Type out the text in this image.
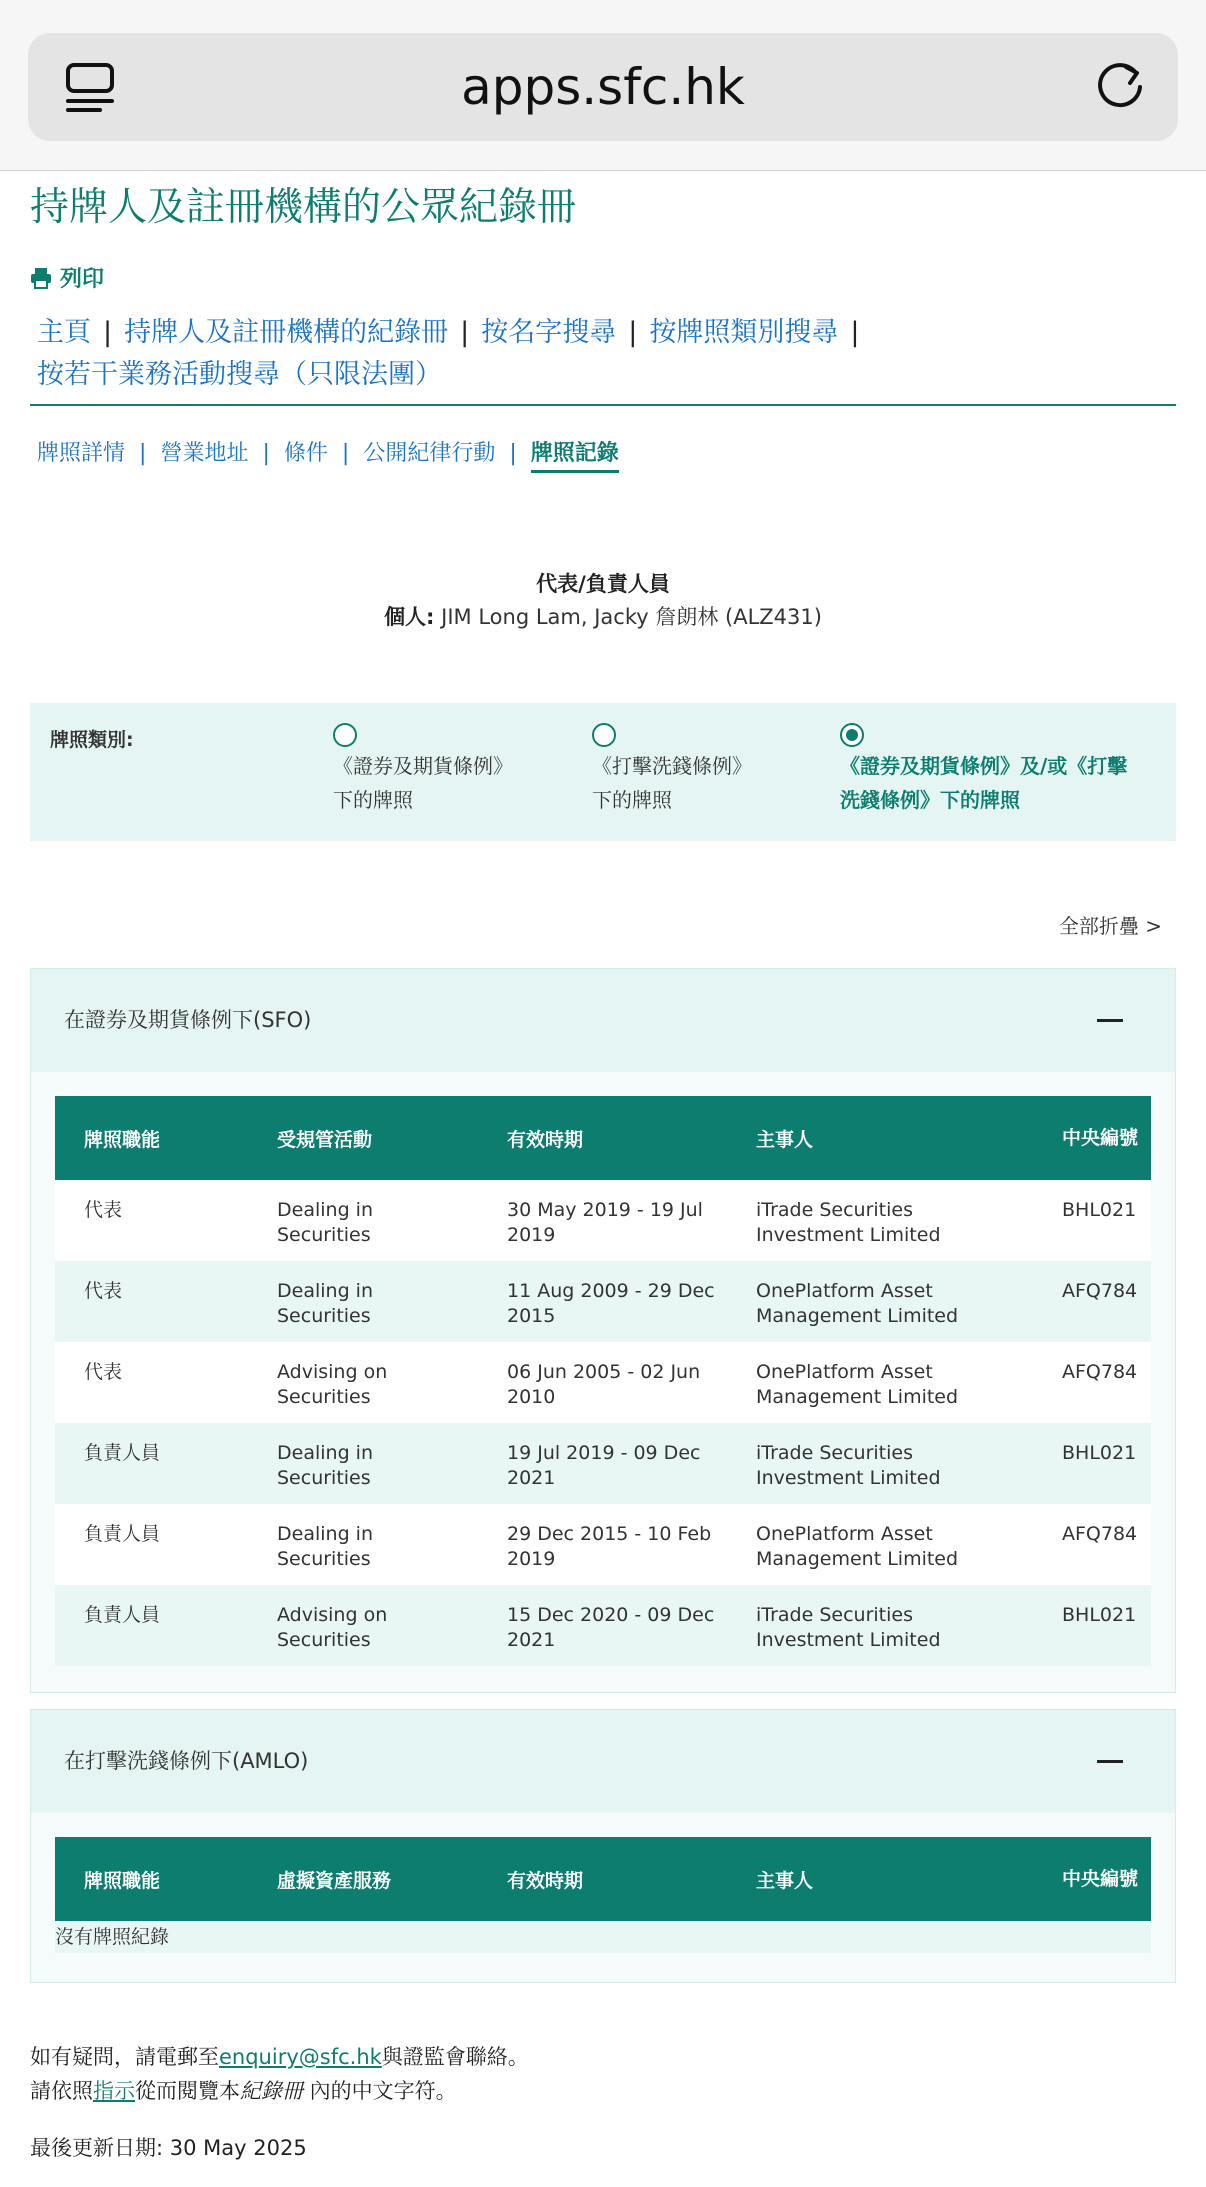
apps.sfc.hk
持牌人及註冊機構的公眾紀錄冊
列印
主頁 | 持牌人及註冊機構的紀錄冊 | 按名字搜尋 | 按牌照類別搜尋 |
按若干業務活動搜尋（只限法團）
牌照詳情 | 營業地址 | 條件 | 公開紀律行動 | 牌照記錄
代表/負責人員
個人: JIM Long Lam, Jacky 詹朗林 (ALZ431)
牌照類別:
《證券及期貨條例》
下的牌照
《打擊洗錢條例》
下的牌照
《證券及期貨條例》及/或《打擊
洗錢條例》下的牌照
全部折疊 >
在證券及期貨條例下(SFO)
牌照職能	受規管活動	有效時期	主事人	中央編號
代表	Dealing in Securities	30 May 2019 - 19 Jul 2019	iTrade Securities Investment Limited	BHL021
代表	Dealing in Securities	11 Aug 2009 - 29 Dec 2015	OnePlatform Asset Management Limited	AFQ784
代表	Advising on Securities	06 Jun 2005 - 02 Jun 2010	OnePlatform Asset Management Limited	AFQ784
負責人員	Dealing in Securities	19 Jul 2019 - 09 Dec 2021	iTrade Securities Investment Limited	BHL021
負責人員	Dealing in Securities	29 Dec 2015 - 10 Feb 2019	OnePlatform Asset Management Limited	AFQ784
負責人員	Advising on Securities	15 Dec 2020 - 09 Dec 2021	iTrade Securities Investment Limited	BHL021
在打擊洗錢條例下(AMLO)
牌照職能	虛擬資產服務	有效時期	主事人	中央編號
沒有牌照紀錄
如有疑問，請電郵至enquiry@sfc.hk與證監會聯絡。
請依照指示從而閱覽本紀錄冊 內的中文字符。
最後更新日期: 30 May 2025
